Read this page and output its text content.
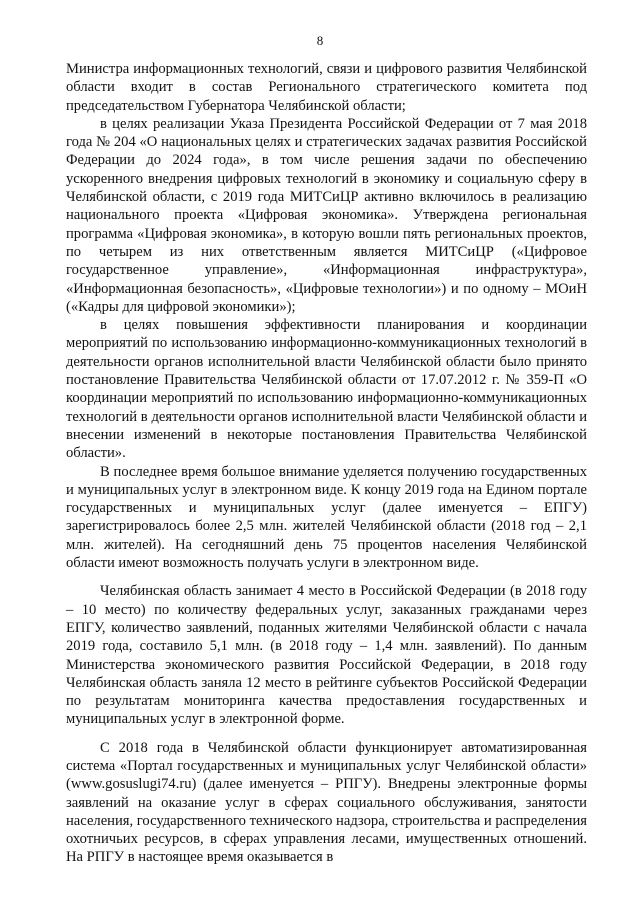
8

Министра информационных технологий, связи и цифрового развития Челябинской области входит в состав Регионального стратегического комитета под председательством Губернатора Челябинской области;

в целях реализации Указа Президента Российской Федерации от 7 мая 2018 года № 204 «О национальных целях и стратегических задачах развития Российской Федерации до 2024 года», в том числе решения задачи по обеспечению ускоренного внедрения цифровых технологий в экономику и социальную сферу в Челябинской области, с 2019 года МИТСиЦР активно включилось в реализацию национального проекта «Цифровая экономика». Утверждена региональная программа «Цифровая экономика», в которую вошли пять региональных проектов, по четырем из них ответственным является МИТСиЦР («Цифровое государственное управление», «Информационная инфраструктура», «Информационная безопасность», «Цифровые технологии») и по одному – МОиН («Кадры для цифровой экономики»);

в целях повышения эффективности планирования и координации мероприятий по использованию информационно-коммуникационных технологий в деятельности органов исполнительной власти Челябинской области было принято постановление Правительства Челябинской области от 17.07.2012 г. № 359-П «О координации мероприятий по использованию информационно-коммуникационных технологий в деятельности органов исполнительной власти Челябинской области и внесении изменений в некоторые постановления Правительства Челябинской области».

В последнее время большое внимание уделяется получению государственных и муниципальных услуг в электронном виде. К концу 2019 года на Едином портале государственных и муниципальных услуг (далее именуется – ЕПГУ) зарегистрировалось более 2,5 млн. жителей Челябинской области (2018 год – 2,1 млн. жителей). На сегодняшний день 75 процентов населения Челябинской области имеют возможность получать услуги в электронном виде.

Челябинская область занимает 4 место в Российской Федерации (в 2018 году – 10 место) по количеству федеральных услуг, заказанных гражданами через ЕПГУ, количество заявлений, поданных жителями Челябинской области с начала 2019 года, составило 5,1 млн. (в 2018 году – 1,4 млн. заявлений). По данным Министерства экономического развития Российской Федерации, в 2018 году Челябинская область заняла 12 место в рейтинге субъектов Российской Федерации по результатам мониторинга качества предоставления государственных и муниципальных услуг в электронной форме.

С 2018 года в Челябинской области функционирует автоматизированная система «Портал государственных и муниципальных услуг Челябинской области» (www.gosuslugi74.ru) (далее именуется – РПГУ). Внедрены электронные формы заявлений на оказание услуг в сферах социального обслуживания, занятости населения, государственного технического надзора, строительства и распределения охотничьих ресурсов, в сферах управления лесами, имущественных отношений. На РПГУ в настоящее время оказывается в
